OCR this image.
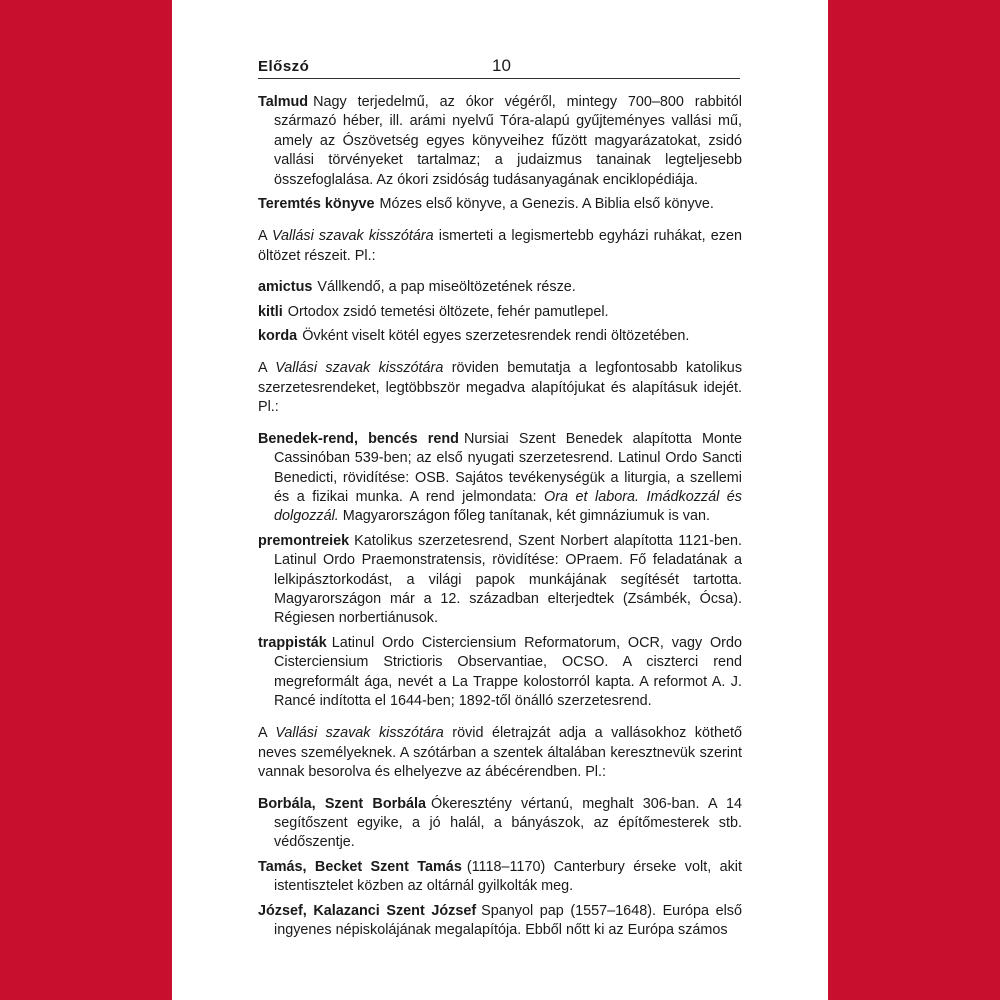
Előszó	10

Talmud Nagy terjedelmű, az ókor végéről, mintegy 700–800 rabbitól származó héber, ill. arámi nyelvű Tóra-alapú gyűjteményes vallási mű, amely az Ószövetség egyes könyveihez fűzött magyarázatokat, zsidó vallási törvényeket tartalmaz; a judaizmus tanainak legteljesebb összefoglalása. Az ókori zsidóság tudásanyagának enciklopédiája.

Teremtés könyve Mózes első könyve, a Genezis. A Biblia első könyve.

A Vallási szavak kisszótára ismerteti a legismertebb egyházi ruhákat, ezen öltözet részeit. Pl.:

amictus Vállkendő, a pap miseöltözetének része.

kitli Ortodox zsidó temetési öltözete, fehér pamutlepel.

korda Övként viselt kötél egyes szerzetesrendek rendi öltözetében.

A Vallási szavak kisszótára röviden bemutatja a legfontosabb katolikus szerzetesrendeket, legtöbbször megadva alapítójukat és alapításuk idejét. Pl.:

Benedek-rend, bencés rend Nursiai Szent Benedek alapította Monte Cassinóban 539-ben; az első nyugati szerzetesrend. Latinul Ordo Sancti Benedicti, rövidítése: OSB. Sajátos tevékenységük a liturgia, a szellemi és a fizikai munka. A rend jelmondata: Ora et labora. Imádkozzál és dolgozzál. Magyarországon főleg tanítanak, két gimnáziumuk is van.

premontreiek Katolikus szerzetesrend, Szent Norbert alapította 1121-ben. Latinul Ordo Praemonstratensis, rövidítése: OPraem. Fő feladatának a lelkipásztorkodást, a világi papok munkájának segítését tartotta. Magyarországon már a 12. században elterjedtek (Zsámbék, Ócsa). Régiesen norbertiánusok.

trappisták Latinul Ordo Cisterciensium Reformatorum, OCR, vagy Ordo Cisterciensium Strictioris Observantiae, OCSO. A ciszterci rend megreformált ága, nevét a La Trappe kolostorról kapta. A reformot A. J. Rancé indította el 1644-ben; 1892-től önálló szerzetesrend.

A Vallási szavak kisszótára rövid életrajzát adja a vallásokhoz köthető neves személyeknek. A szótárban a szentek általában keresztnevük szerint vannak besorolva és elhelyezve az ábécérendben. Pl.:

Borbála, Szent Borbála Ókeresztény vértanú, meghalt 306-ban. A 14 segítőszent egyike, a jó halál, a bányászok, az építőmesterek stb. védőszentje.

Tamás, Becket Szent Tamás (1118–1170) Canterbury érseke volt, akit istentisztelet közben az oltárnál gyilkolták meg.

József, Kalazanci Szent József Spanyol pap (1557–1648). Európa első ingyenes népiskolájának megalapítója. Ebből nőtt ki az Európa számos
